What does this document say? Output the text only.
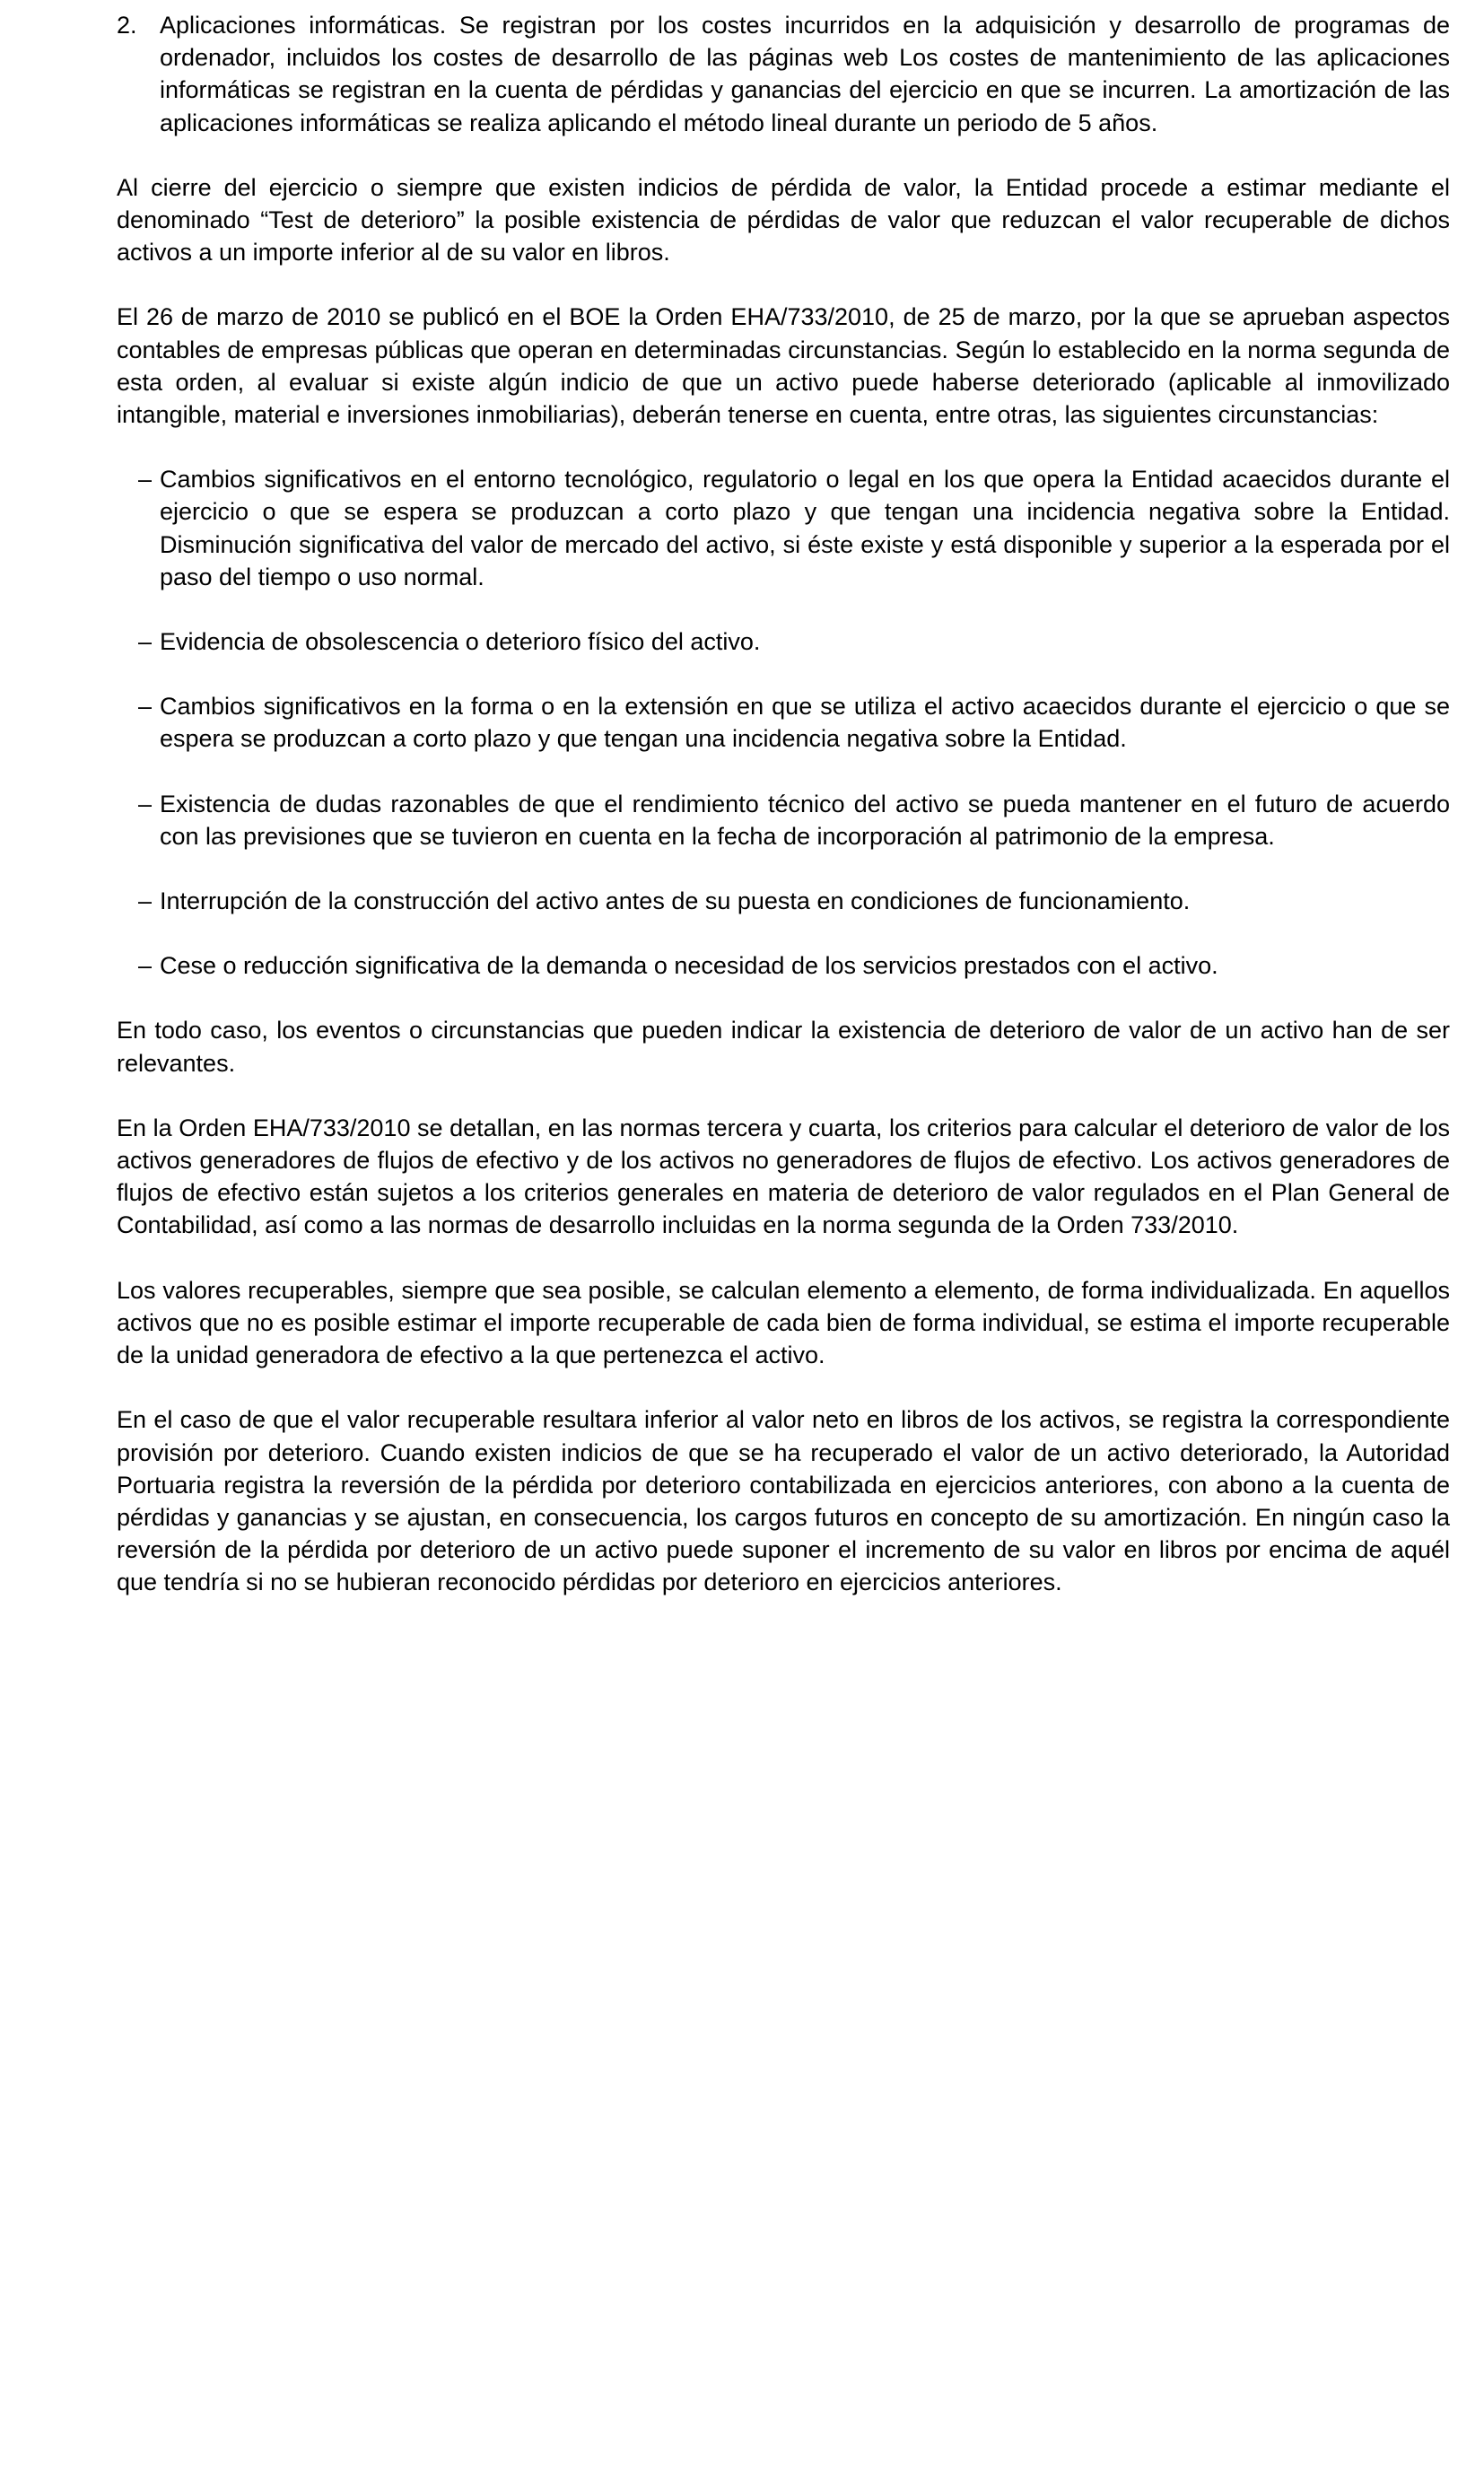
2. Aplicaciones informáticas. Se registran por los costes incurridos en la adquisición y desarrollo de programas de ordenador, incluidos los costes de desarrollo de las páginas web Los costes de mantenimiento de las aplicaciones informáticas se registran en la cuenta de pérdidas y ganancias del ejercicio en que se incurren. La amortización de las aplicaciones informáticas se realiza aplicando el método lineal durante un periodo de 5 años.

Al cierre del ejercicio o siempre que existen indicios de pérdida de valor, la Entidad procede a estimar mediante el denominado “Test de deterioro” la posible existencia de pérdidas de valor que reduzcan el valor recuperable de dichos activos a un importe inferior al de su valor en libros.

El 26 de marzo de 2010 se publicó en el BOE la Orden EHA/733/2010, de 25 de marzo, por la que se aprueban aspectos contables de empresas públicas que operan en determinadas circunstancias. Según lo establecido en la norma segunda de esta orden, al evaluar si existe algún indicio de que un activo puede haberse deteriorado (aplicable al inmovilizado intangible, material e inversiones inmobiliarias), deberán tenerse en cuenta, entre otras, las siguientes circunstancias:

– Cambios significativos en el entorno tecnológico, regulatorio o legal en los que opera la Entidad acaecidos durante el ejercicio o que se espera se produzcan a corto plazo y que tengan una incidencia negativa sobre la Entidad. Disminución significativa del valor de mercado del activo, si éste existe y está disponible y superior a la esperada por el paso del tiempo o uso normal.
– Evidencia de obsolescencia o deterioro físico del activo.
– Cambios significativos en la forma o en la extensión en que se utiliza el activo acaecidos durante el ejercicio o que se espera se produzcan a corto plazo y que tengan una incidencia negativa sobre la Entidad.
– Existencia de dudas razonables de que el rendimiento técnico del activo se pueda mantener en el futuro de acuerdo con las previsiones que se tuvieron en cuenta en la fecha de incorporación al patrimonio de la empresa.
– Interrupción de la construcción del activo antes de su puesta en condiciones de funcionamiento.
– Cese o reducción significativa de la demanda o necesidad de los servicios prestados con el activo.

En todo caso, los eventos o circunstancias que pueden indicar la existencia de deterioro de valor de un activo han de ser relevantes.

En la Orden EHA/733/2010 se detallan, en las normas tercera y cuarta, los criterios para calcular el deterioro de valor de los activos generadores de flujos de efectivo y de los activos no generadores de flujos de efectivo. Los activos generadores de flujos de efectivo están sujetos a los criterios generales en materia de deterioro de valor regulados en el Plan General de Contabilidad, así como a las normas de desarrollo incluidas en la norma segunda de la Orden 733/2010.

Los valores recuperables, siempre que sea posible, se calculan elemento a elemento, de forma individualizada. En aquellos activos que no es posible estimar el importe recuperable de cada bien de forma individual, se estima el importe recuperable de la unidad generadora de efectivo a la que pertenezca el activo.

En el caso de que el valor recuperable resultara inferior al valor neto en libros de los activos, se registra la correspondiente provisión por deterioro. Cuando existen indicios de que se ha recuperado el valor de un activo deteriorado, la Autoridad Portuaria registra la reversión de la pérdida por deterioro contabilizada en ejercicios anteriores, con abono a la cuenta de pérdidas y ganancias y se ajustan, en consecuencia, los cargos futuros en concepto de su amortización. En ningún caso la reversión de la pérdida por deterioro de un activo puede suponer el incremento de su valor en libros por encima de aquél que tendría si no se hubieran reconocido pérdidas por deterioro en ejercicios anteriores.
